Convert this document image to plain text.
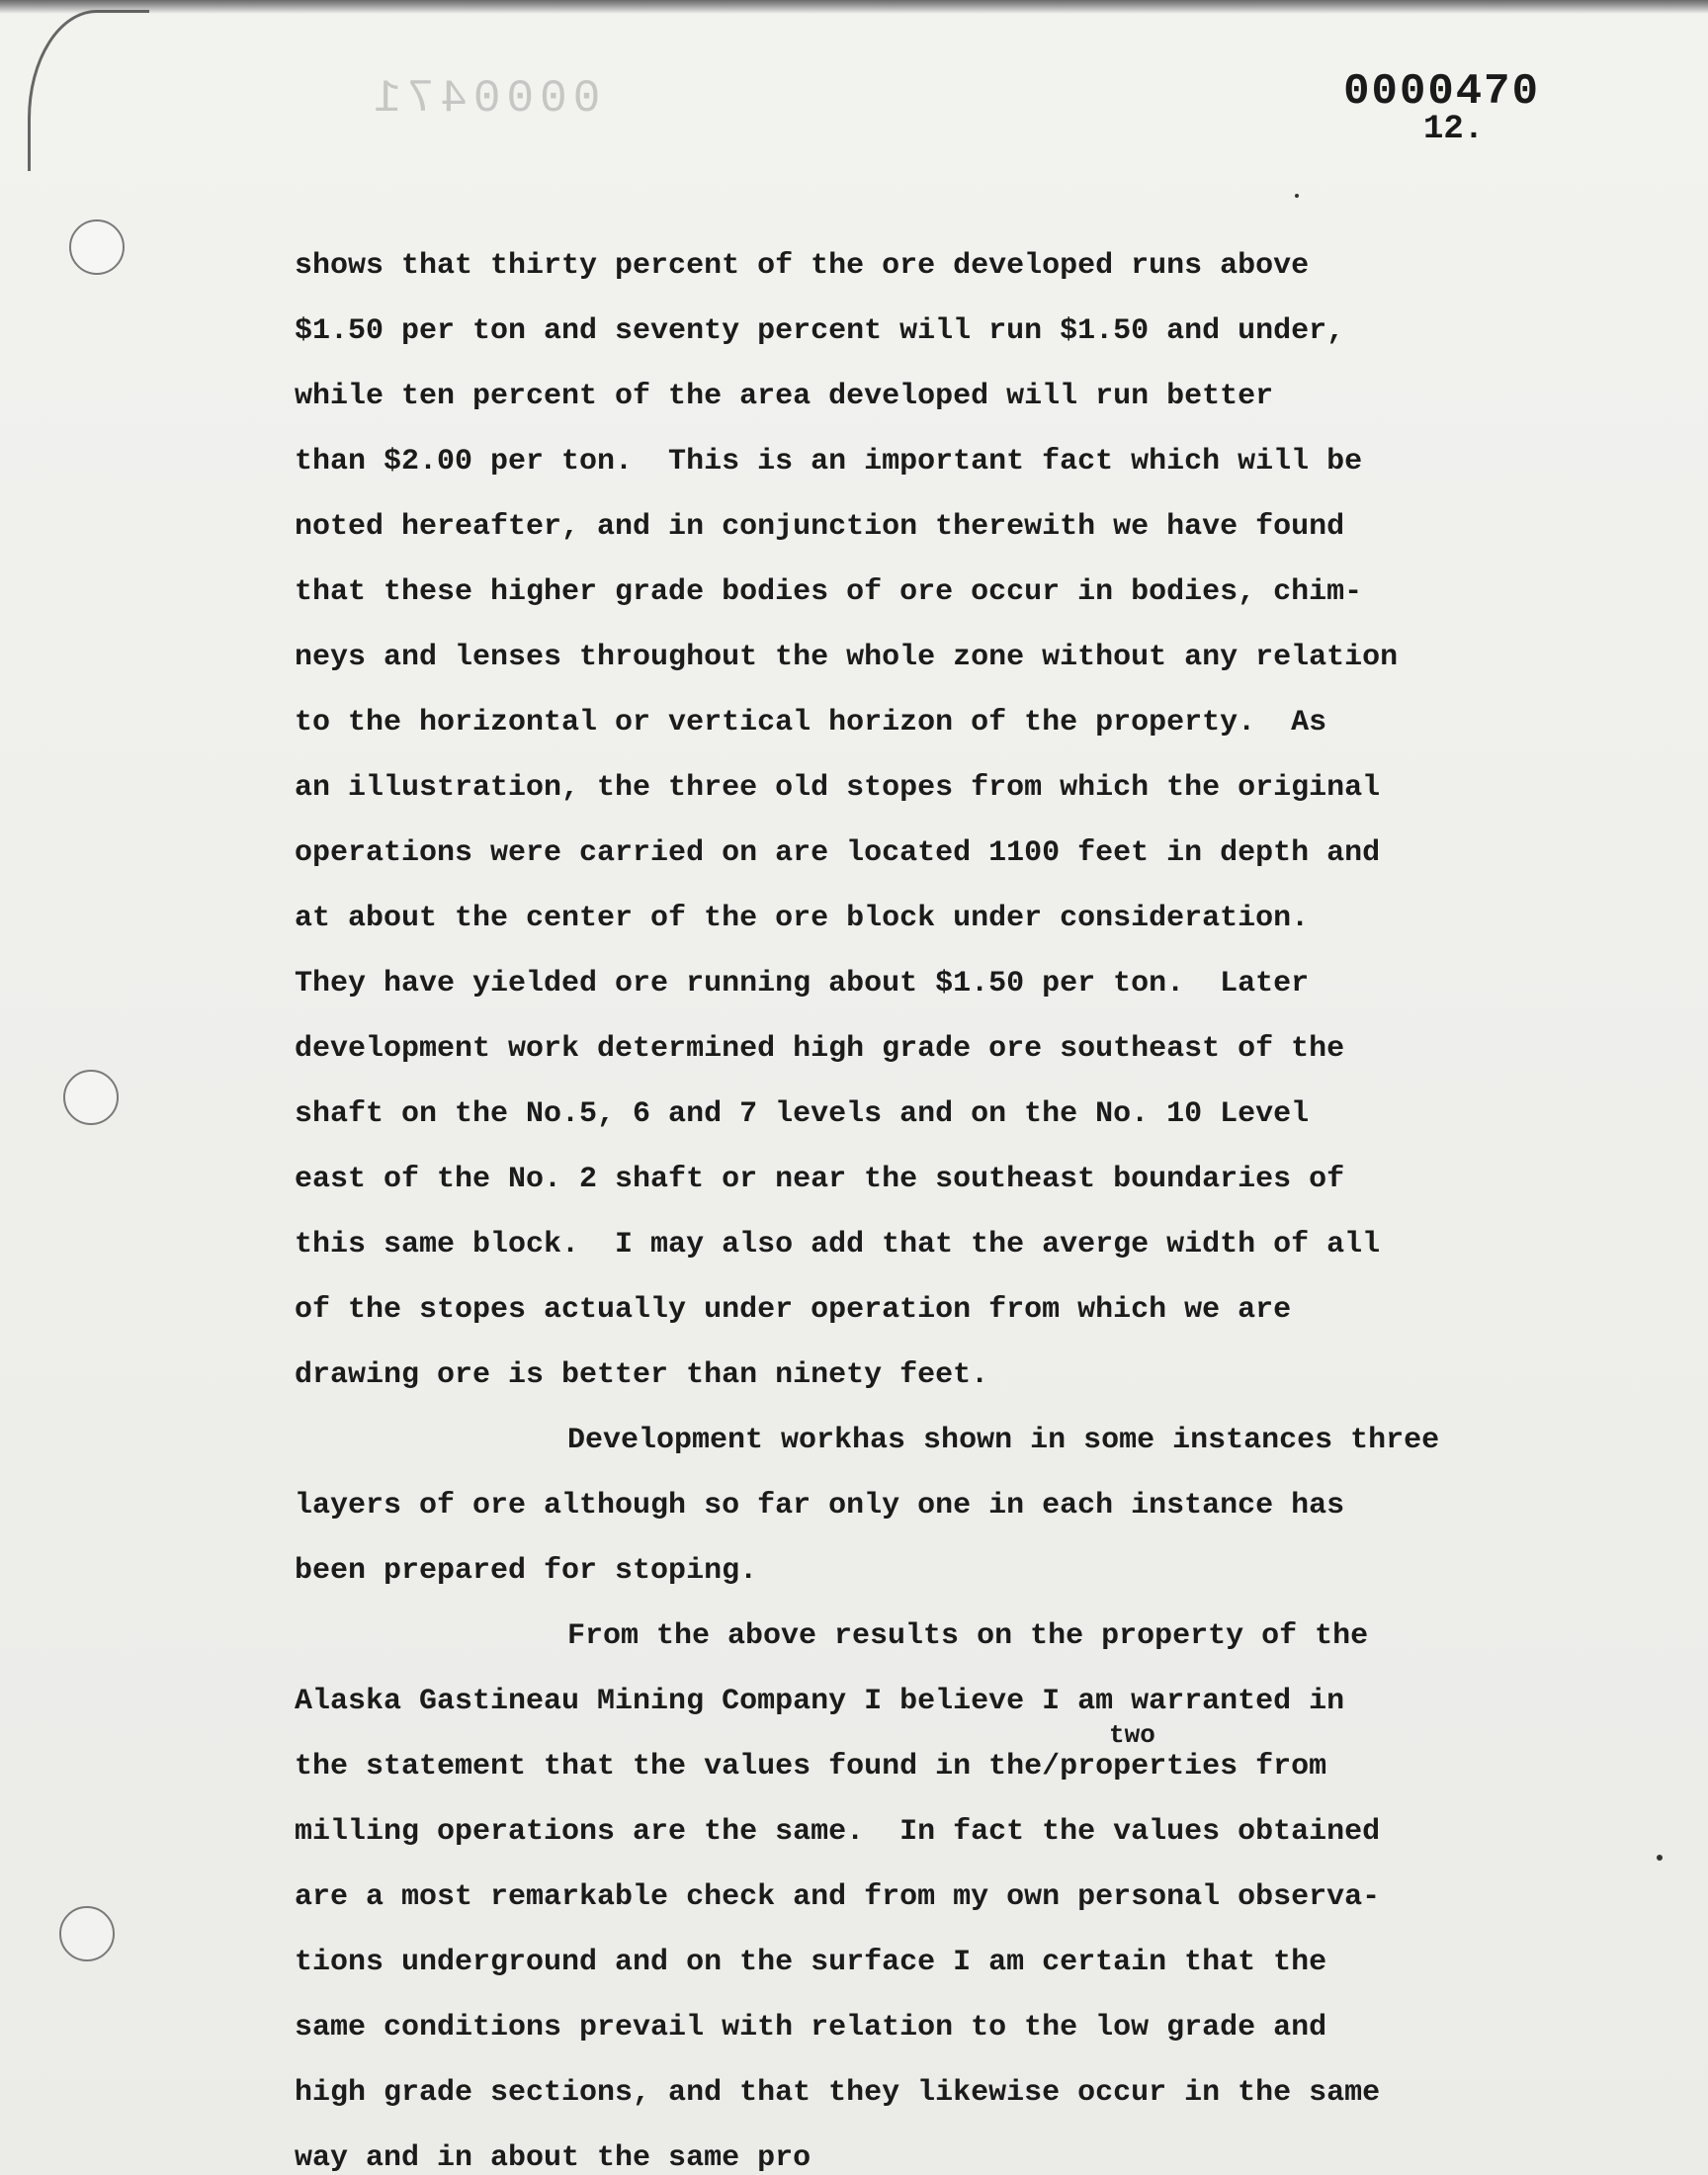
0000471	0000470
12.
shows that thirty percent of the ore developed runs above
$1.50 per ton and seventy percent will run $1.50 and under,
while ten percent of the area developed will run better
than $2.00 per ton.  This is an important fact which will be
noted hereafter, and in conjunction therewith we have found
that these higher grade bodies of ore occur in bodies, chim-
neys and lenses throughout the whole zone without any relation
to the horizontal or vertical horizon of the property.  As
an illustration, the three old stopes from which the original
operations were carried on are located 1100 feet in depth and
at about the center of the ore block under consideration.
They have yielded ore running about $1.50 per ton.  Later
development work determined high grade ore southeast of the
shaft on the No.5, 6 and 7 levels and on the No. 10 Level
east of the No. 2 shaft or near the southeast boundaries of
this same block.  I may also add that the averge width of all
of the stopes actually under operation from which we are
drawing ore is better than ninety feet.
Development workhas shown in some instances three
layers of ore although so far only one in each instance has
been prepared for stoping.
From the above results on the property of the
Alaska Gastineau Mining Company I believe I am warranted in
the statement that the values found in the/properties from
milling operations are the same.  In fact the values obtained
are a most remarkable check and from my own personal observa-
tions underground and on the surface I am certain that the
same conditions prevail with relation to the low grade and
high grade sections, and that they likewise occur in the same
way and in about the same pro
two
